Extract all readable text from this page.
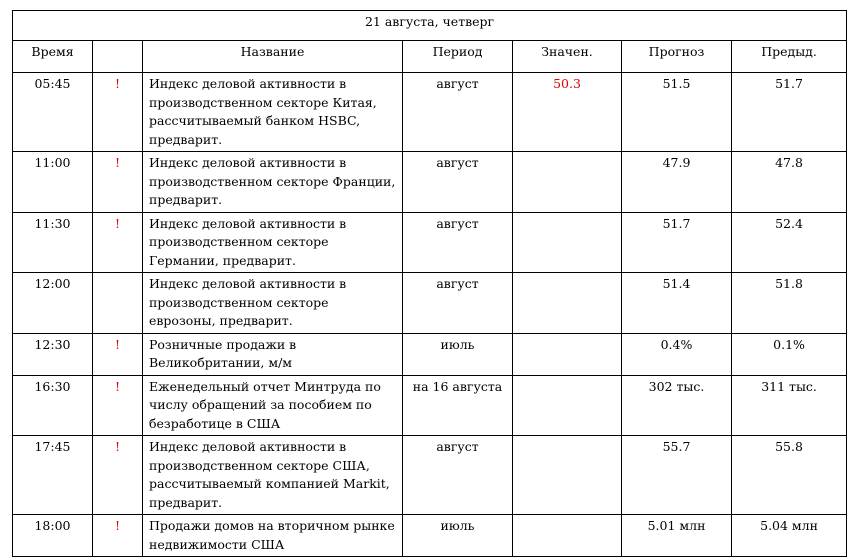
21 августа, четверг						
Время		Название	Период	Значен.	Прогноз	Предыд.
05:45	!	Индекс деловой активности в производственном секторе Китая, рассчитываемый банком HSBC, предварит.	август	50.3	51.5	51.7
11:00	!	Индекс деловой активности в производственном секторе Франции, предварит.	август		47.9	47.8
11:30	!	Индекс деловой активности в производственном секторе Германии, предварит.	август		51.7	52.4
12:00		Индекс деловой активности в производственном секторе еврозоны, предварит.	август		51.4	51.8
12:30	!	Розничные продажи в Великобритании, м/м	июль		0.4%	0.1%
16:30	!	Еженедельный отчет Минтруда по числу обращений за пособием по безработице в США	на 16 августа		302 тыс.	311 тыс.
17:45	!	Индекс деловой активности в производственном секторе США, рассчитываемый компанией Markit, предварит.	август		55.7	55.8
18:00	!	Продажи домов на вторичном рынке недвижимости США	июль		5.01 млн	5.04 млн
